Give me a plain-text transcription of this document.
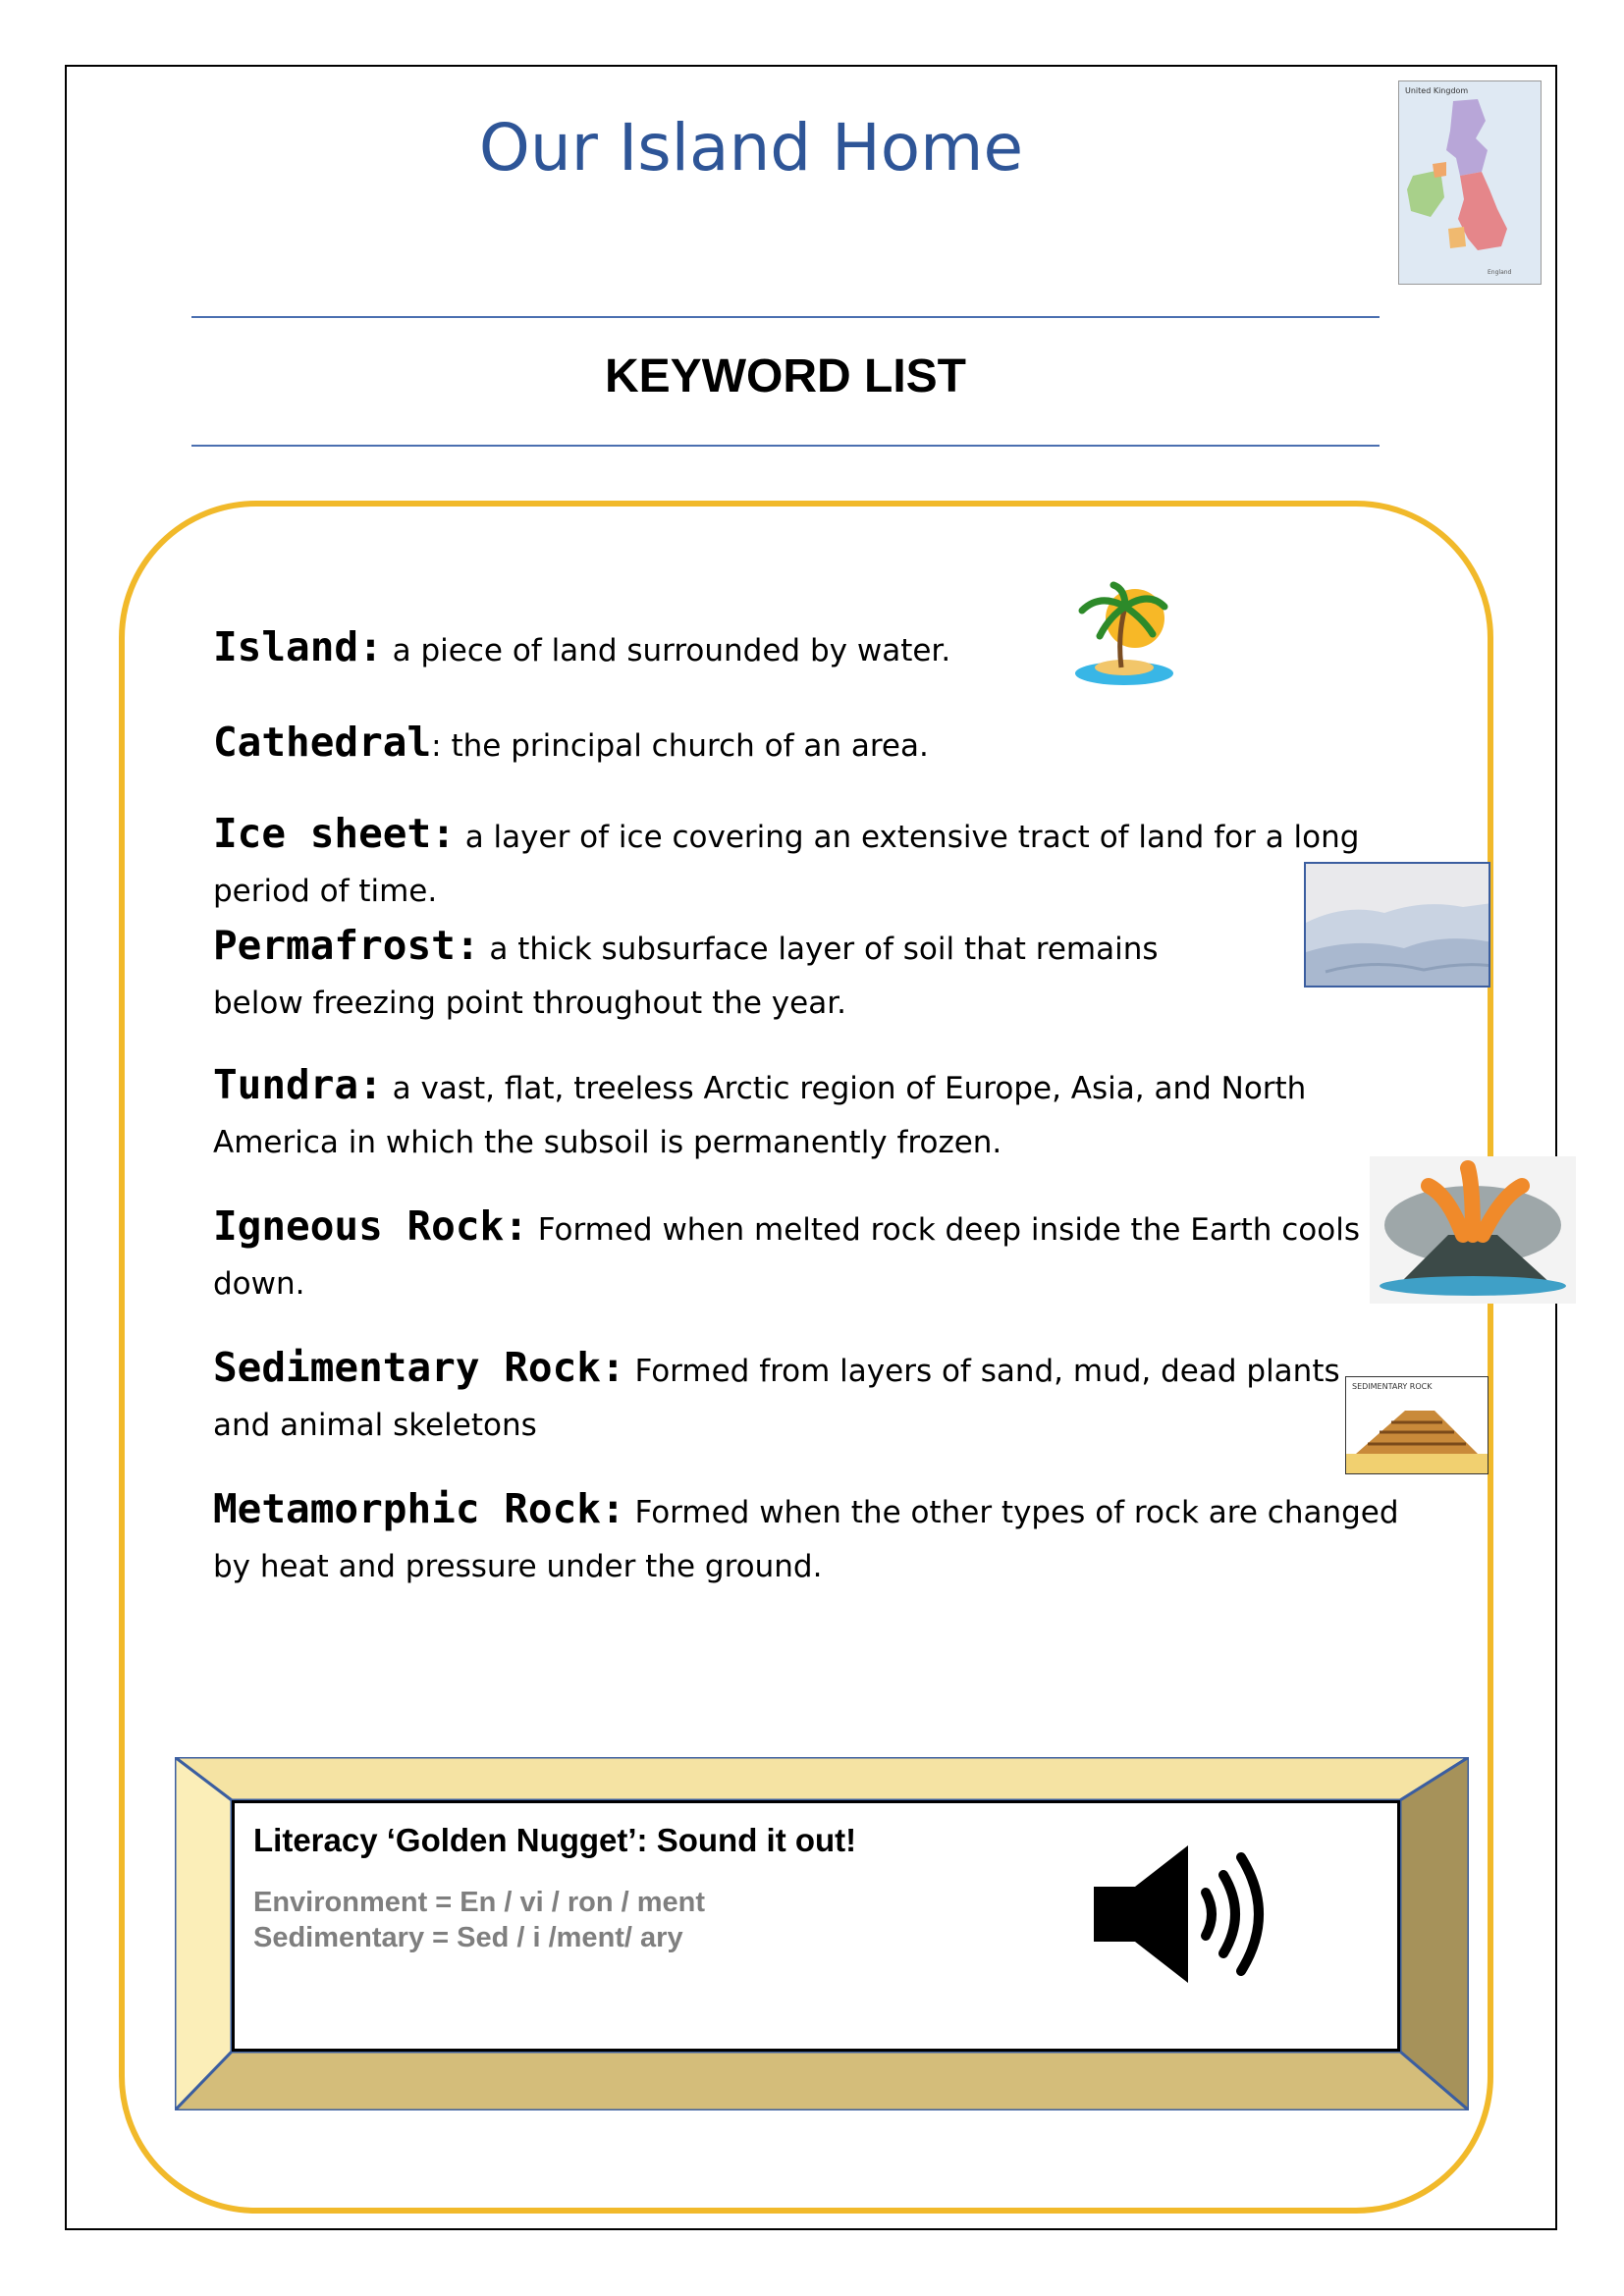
Our Island Home
United Kingdom
England
KEYWORD LIST
Island: a piece of land surrounded by water.
Cathedral: the principal church of an area.
Ice sheet: a layer of ice covering an extensive tract of land for a long period of time.
Permafrost: a thick subsurface layer of soil that remains below freezing point throughout the year.
Tundra: a vast, flat, treeless Arctic region of Europe, Asia, and North America in which the subsoil is permanently frozen.
Igneous Rock: Formed when melted rock deep inside the Earth cools down.
Sedimentary Rock: Formed from layers of sand, mud, dead plants and animal skeletons
Metamorphic Rock: Formed when the other types of rock are changed by heat and pressure under the ground.
SEDIMENTARY ROCK
Literacy ‘Golden Nugget’: Sound it out!
Environment = En / vi / ron / ment
Sedimentary = Sed / i /ment/ ary
